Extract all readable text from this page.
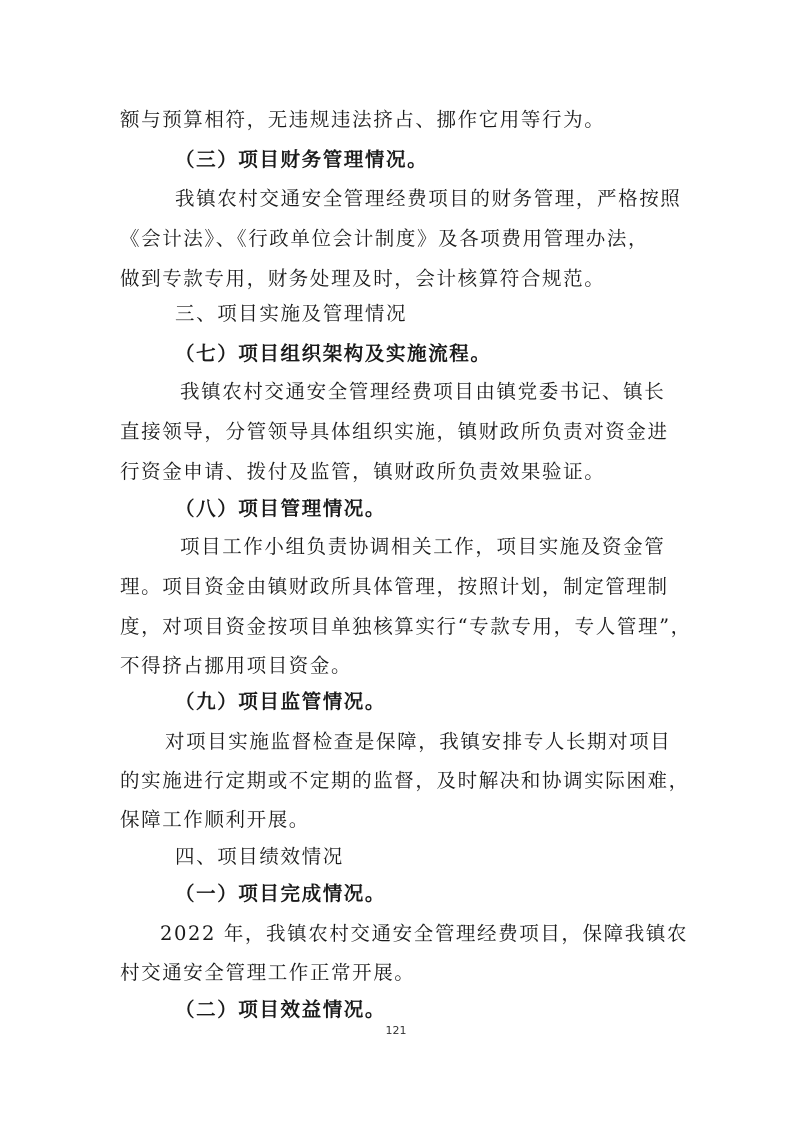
额与预算相符，无违规违法挤占、挪作它用等行为。
（三）项目财务管理情况。
我镇农村交通安全管理经费项目的财务管理，严格按照
《会计法》、《行政单位会计制度》及各项费用管理办法，
做到专款专用，财务处理及时，会计核算符合规范。
三、项目实施及管理情况
（七）项目组织架构及实施流程。
我镇农村交通安全管理经费项目由镇党委书记、镇长
直接领导，分管领导具体组织实施，镇财政所负责对资金进
行资金申请、拨付及监管，镇财政所负责效果验证。
（八）项目管理情况。
项目工作小组负责协调相关工作，项目实施及资金管
理。项目资金由镇财政所具体管理，按照计划，制定管理制
度，对项目资金按项目单独核算实行“专款专用，专人管理”，
不得挤占挪用项目资金。
（九）项目监管情况。
对项目实施监督检查是保障，我镇安排专人长期对项目
的实施进行定期或不定期的监督，及时解决和协调实际困难，
保障工作顺利开展。
四、项目绩效情况
（一）项目完成情况。
2022 年，我镇农村交通安全管理经费项目，保障我镇农
村交通安全管理工作正常开展。
（二）项目效益情况。
121
